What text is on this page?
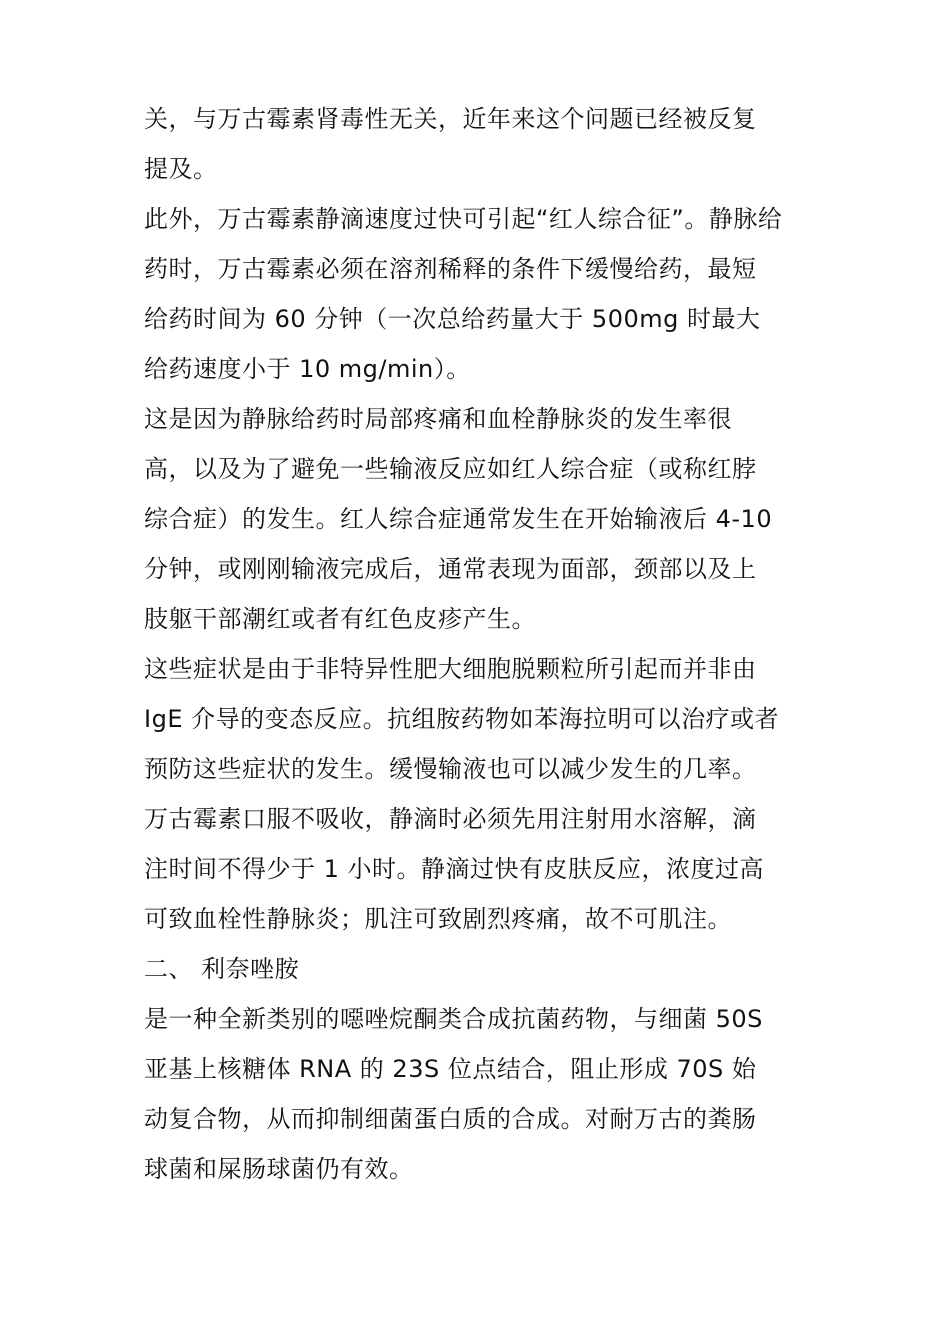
关，与万古霉素肾毒性无关，近年来这个问题已经被反复
提及。
此外，万古霉素静滴速度过快可引起“红人综合征”。静脉给
药时，万古霉素必须在溶剂稀释的条件下缓慢给药，最短
给药时间为 60 分钟（一次总给药量大于 500mg 时最大
给药速度小于 10 mg/min）。
这是因为静脉给药时局部疼痛和血栓静脉炎的发生率很
高，以及为了避免一些输液反应如红人综合症（或称红脖
综合症）的发生。红人综合症通常发生在开始输液后 4-10
分钟，或刚刚输液完成后，通常表现为面部，颈部以及上
肢躯干部潮红或者有红色皮疹产生。
这些症状是由于非特异性肥大细胞脱颗粒所引起而并非由
IgE 介导的变态反应。抗组胺药物如苯海拉明可以治疗或者
预防这些症状的发生。缓慢输液也可以减少发生的几率。
万古霉素口服不吸收，静滴时必须先用注射用水溶解，滴
注时间不得少于 1 小时。静滴过快有皮肤反应，浓度过高
可致血栓性静脉炎；肌注可致剧烈疼痛，故不可肌注。
二、 利奈唑胺
是一种全新类别的噁唑烷酮类合成抗菌药物，与细菌 50S
亚基上核糖体 RNA 的 23S 位点结合，阻止形成 70S 始
动复合物，从而抑制细菌蛋白质的合成。对耐万古的粪肠
球菌和屎肠球菌仍有效。
